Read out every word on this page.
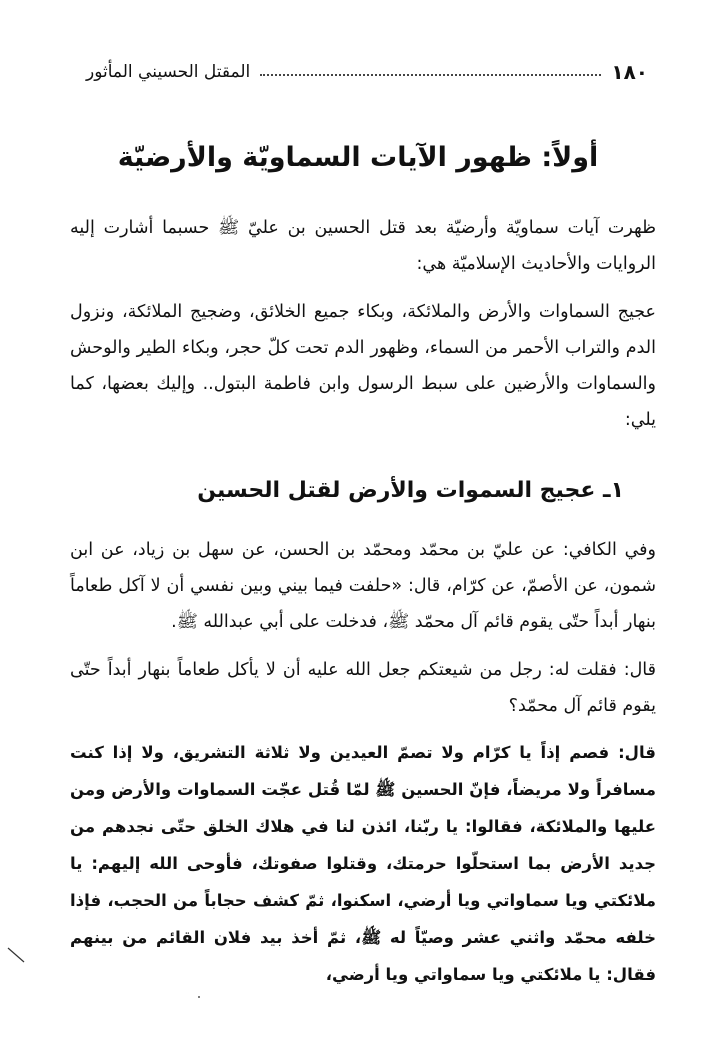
١٨٠
المقتل الحسيني المأثور
أولاً: ظهور الآيات السماويّة والأرضيّة
ظهرت آيات سماويّة وأرضيّة بعد قتل الحسين بن عليّ ﷺ حسبما أشارت إليه الروايات والأحاديث الإسلاميّة هي:
عجيج السماوات والأرض والملائكة، وبكاء جميع الخلائق، وضجيج الملائكة، ونزول الدم والتراب الأحمر من السماء، وظهور الدم تحت كلّ حجر، وبكاء الطير والوحش والسماوات والأرضين على سبط الرسول وابن فاطمة البتول.. وإليك بعضها، كما يلي:
١ـ عجيج السموات والأرض لقتل الحسين
وفي الكافي: عن عليّ بن محمّد ومحمّد بن الحسن، عن سهل بن زياد، عن ابن شمون، عن الأصمّ، عن كرّام، قال: «حلفت فيما بيني وبين نفسي أن لا آكل طعاماً بنهار أبداً حتّى يقوم قائم آل محمّد ﷺ، فدخلت على أبي عبدالله ﷺ.
قال: فقلت له: رجل من شيعتكم جعل الله عليه أن لا يأكل طعاماً بنهار أبداً حتّى يقوم قائم آل محمّد؟
قال: فصم إذاً يا كرّام ولا تصمّ العيدين ولا ثلاثة التشريق، ولا إذا كنت مسافراً ولا مريضاً، فإنّ الحسين ﷺ لمّا قُتل عجّت السماوات والأرض ومن عليها والملائكة، فقالوا: يا ربّنا، ائذن لنا في هلاك الخلق حتّى نجدهم من جديد الأرض بما استحلّوا حرمتك، وقتلوا صفوتك، فأوحى الله إليهم: يا ملائكتي ويا سماواتي ويا أرضي، اسكنوا، ثمّ كشف حجاباً من الحجب، فإذا خلفه محمّد واثني عشر وصيّاً له ﷺ، ثمّ أخذ بيد فلان القائم من بينهم فقال: يا ملائكتي ويا سماواتي ويا أرضي،
